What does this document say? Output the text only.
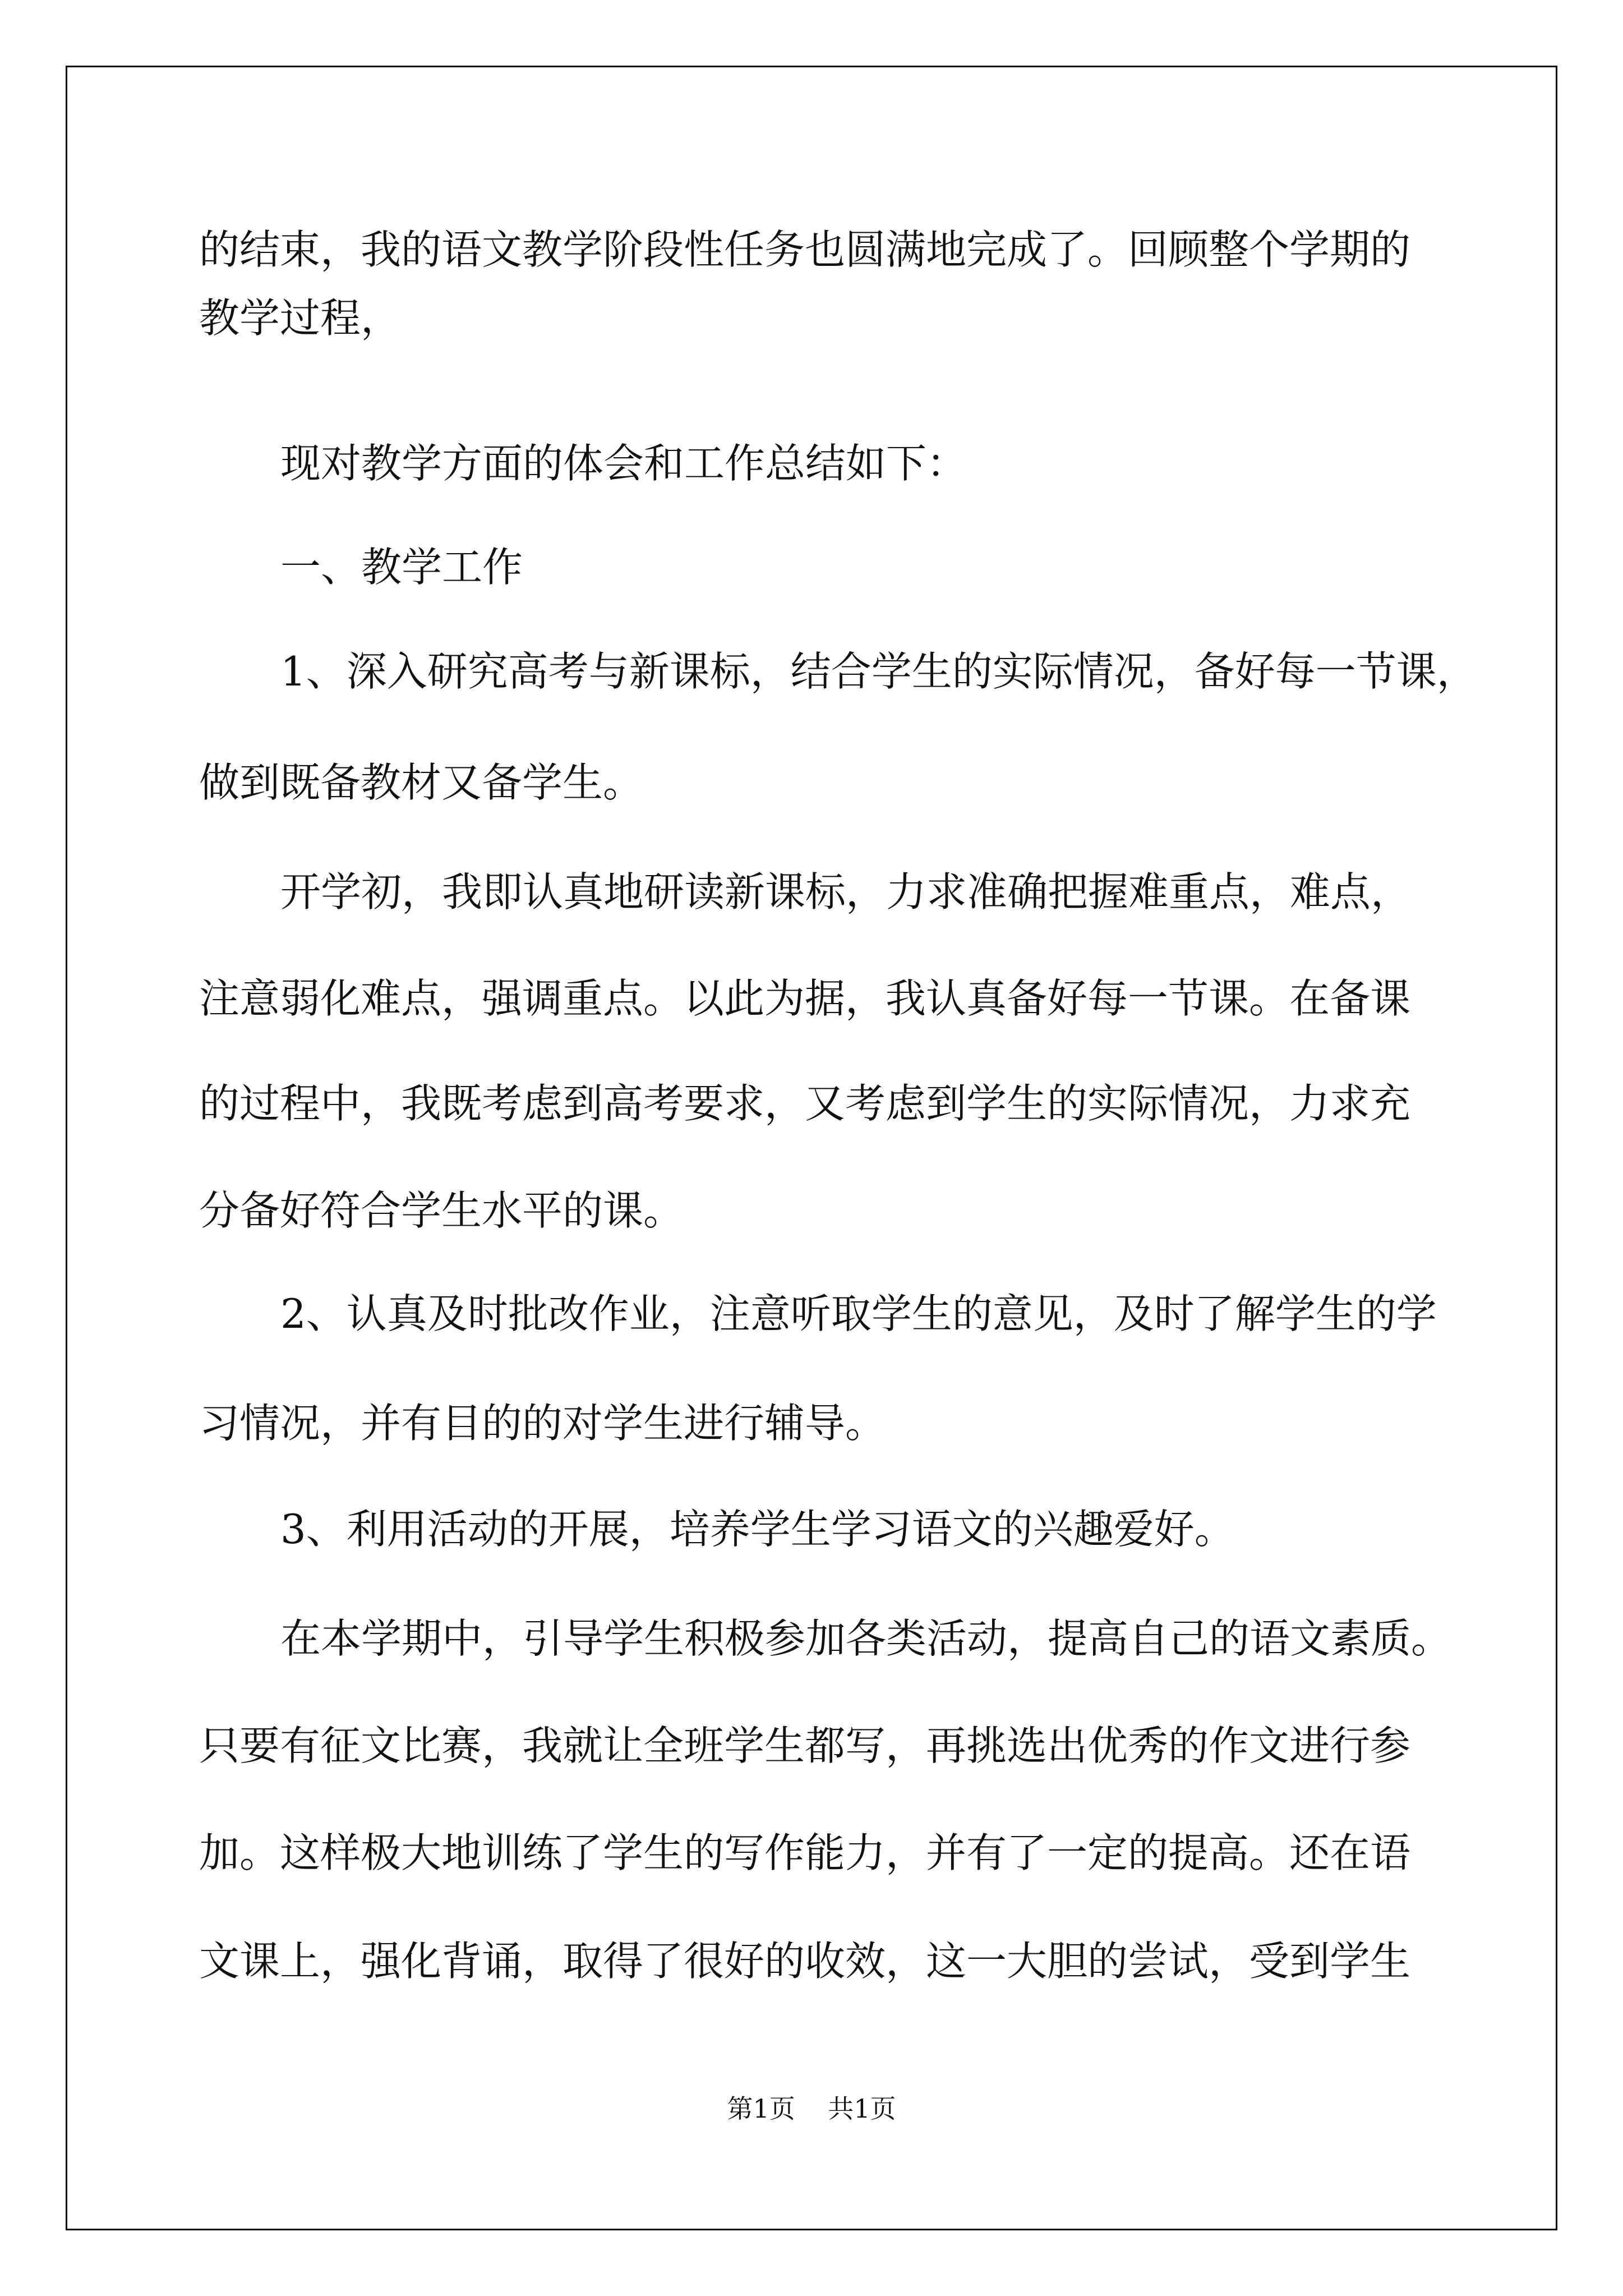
的结束，我的语文教学阶段性任务也圆满地完成了。回顾整个学期的
教学过程，
现对教学方面的体会和工作总结如下：
一、教学工作
1、深入研究高考与新课标，结合学生的实际情况，备好每一节课，
做到既备教材又备学生。
开学初，我即认真地研读新课标，力求准确把握难重点，难点，
注意弱化难点，强调重点。以此为据，我认真备好每一节课。在备课
的过程中，我既考虑到高考要求，又考虑到学生的实际情况，力求充
分备好符合学生水平的课。
2、认真及时批改作业，注意听取学生的意见，及时了解学生的学
习情况，并有目的的对学生进行辅导。
3、利用活动的开展，培养学生学习语文的兴趣爱好。
在本学期中，引导学生积极参加各类活动，提高自己的语文素质。
只要有征文比赛，我就让全班学生都写，再挑选出优秀的作文进行参
加。这样极大地训练了学生的写作能力，并有了一定的提高。还在语
文课上，强化背诵，取得了很好的收效，这一大胆的尝试，受到学生
第1页    共1页
